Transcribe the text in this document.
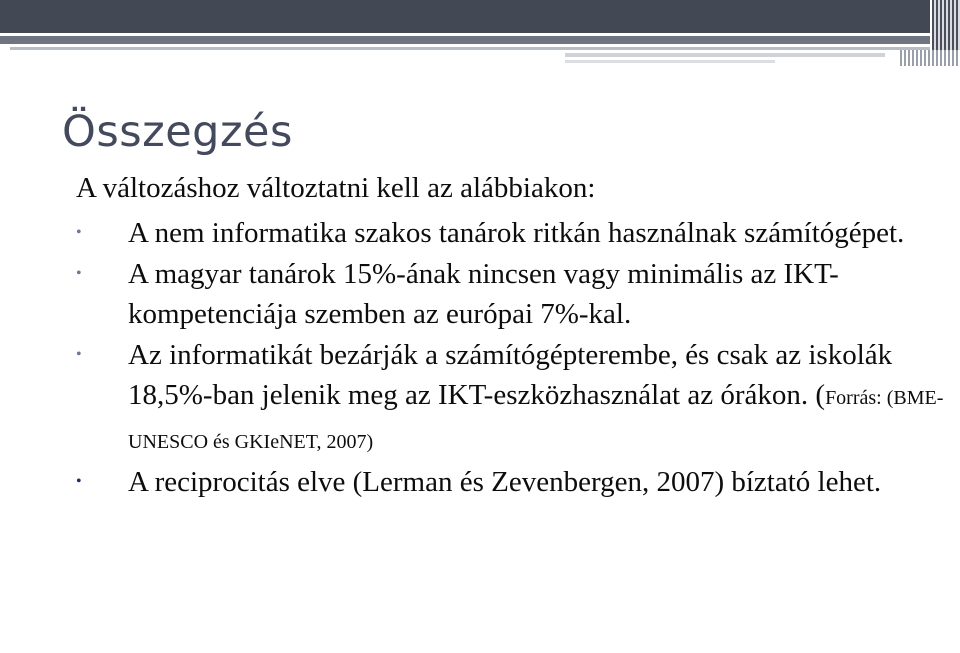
Összegzés
A változáshoz változtatni kell az alábbiakon:
• A nem informatika szakos tanárok ritkán használnak számítógépet.
• A magyar tanárok 15%-ának nincsen vagy minimális az IKT-kompetenciája szemben az európai 7%-kal.
• Az informatikát bezárják a számítógépterembe, és csak az iskolák 18,5%-ban jelenik meg az IKT-eszközhasználat az órákon. (Forrás: (BME-UNESCO és GKIeNET, 2007)
• A reciprocitás elve (Lerman és Zevenbergen, 2007) bíztató lehet.
